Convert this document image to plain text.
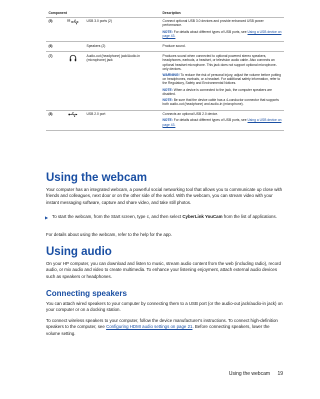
Component			Description
(5)	SS	USB 3.0 ports (2)	Connect optional USB 3.0 devices and provide enhanced USB power performance.
NOTE: For details about different types of USB ports, see Using a USB device on page 43.

(6)		Speakers (2)	Produce sound.

(7)		Audio-out (headphone) jack/Audio-in (microphone) jack	Produces sound when connected to optional powered stereo speakers, headphones, earbuds, a headset, or television audio cable. Also connects an optional headset microphone. This jack does not support optional microphone-only devices.
WARNING! To reduce the risk of personal injury, adjust the volume before putting on headphones, earbuds, or a headset. For additional safety information, refer to the Regulatory, Safety and Environmental Notices.
NOTE: When a device is connected to the jack, the computer speakers are disabled.
NOTE: Be sure that the device cable has a 4-conductor connector that supports both audio-out (headphone) and audio-in (microphone).

(8)		USB 2.0 port	Connects an optional USB 2.0 device.
NOTE: For details about different types of USB ports, see Using a USB device on page 43.
Using the webcam

Your computer has an integrated webcam, a powerful social networking tool that allows you to communicate up close with friends and colleagues, next door or on the other side of the world. With the webcam, you can stream video with your instant messaging software, capture and share video, and take still photos.

▶ To start the webcam, from the Start screen, type c, and then select CyberLink YouCam from the list of applications.

For details about using the webcam, refer to the help for the app.

Using audio

On your HP computer, you can download and listen to music, stream audio content from the web (including radio), record audio, or mix audio and video to create multimedia. To enhance your listening enjoyment, attach external audio devices such as speakers or headphones.

Connecting speakers

You can attach wired speakers to your computer by connecting them to a USB port (or the audio-out jack/audio-in jack) on your computer or on a docking station.

To connect wireless speakers to your computer, follow the device manufacturer's instructions. To connect high-definition speakers to the computer, see Configuring HDMI audio settings on page 21. Before connecting speakers, lower the volume setting.

Using the webcam 19
